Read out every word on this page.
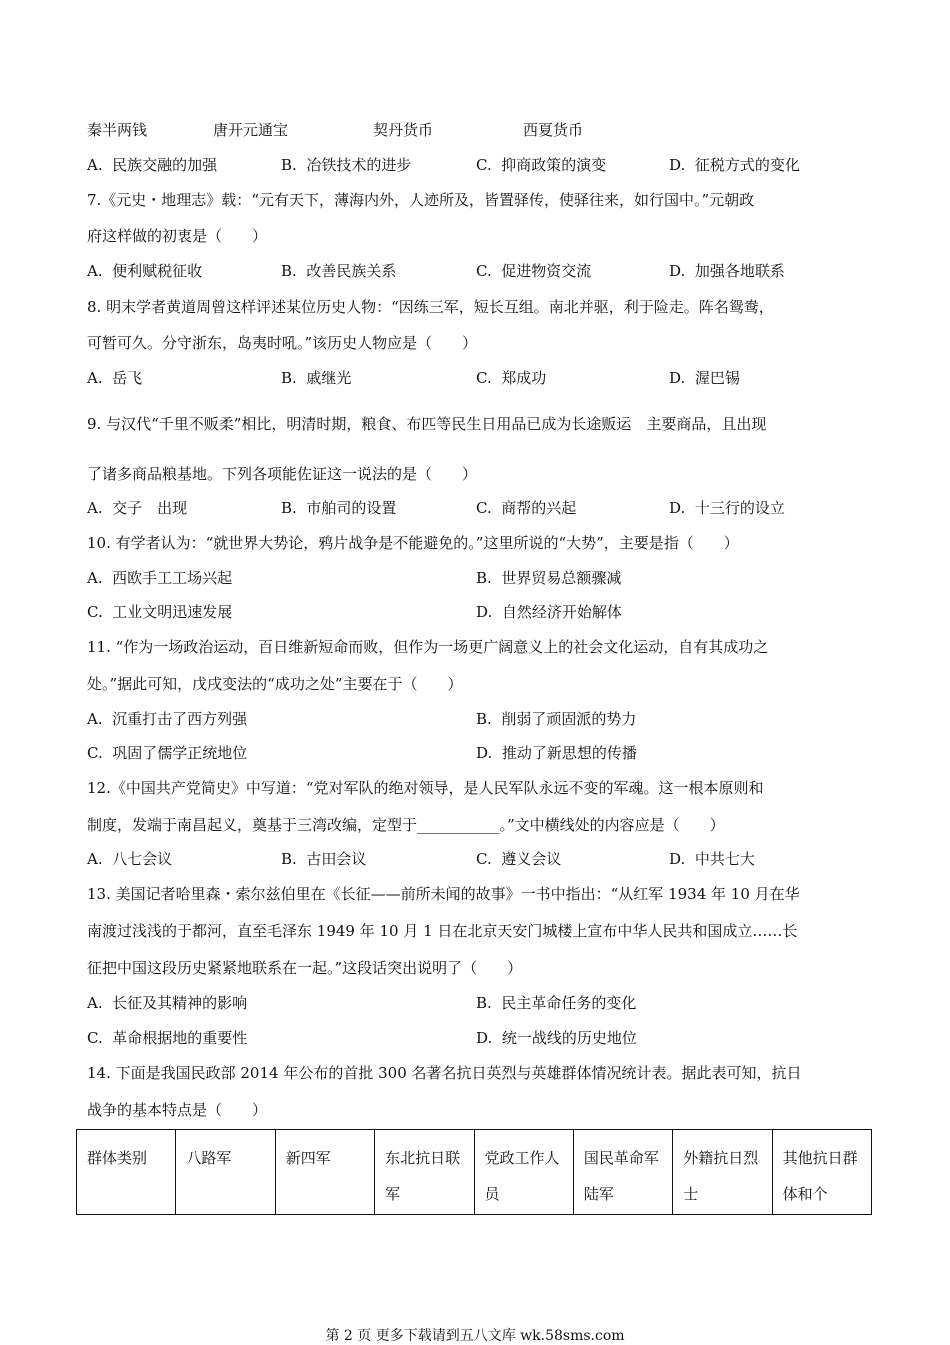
秦半两钱	唐开元通宝	契丹货币	西夏货币
A. 民族交融的加强	B. 冶铁技术的进步	C. 抑商政策的演变	D. 征税方式的变化
7.《元史・地理志》载：“元有天下，薄海内外，人迹所及，皆置驿传，使驿往来，如行国中。”元朝政
府这样做的初衷是（　　）
A. 便利赋税征收	B. 改善民族关系	C. 促进物资交流	D. 加强各地联系
8. 明末学者黄道周曾这样评述某位历史人物：“因练三军，短长互组。南北并驱，利于险走。阵名鸳鸯，
可暂可久。分守浙东，岛夷时吼。”该历史人物应是（　　）
A. 岳飞	B. 戚继光	C. 郑成功	D. 渥巴锡
9. 与汉代“千里不贩柔”相比，明清时期，粮食、布匹等民生日用品已成为长途贩运　主要商品，且出现
了诸多商品粮基地。下列各项能佐证这一说法的是（　　）
A. 交子　出现	B. 市舶司的设置	C. 商帮的兴起	D. 十三行的设立
10. 有学者认为：“就世界大势论，鸦片战争是不能避免的。”这里所说的“大势”，主要是指（　　）
A. 西欧手工工场兴起	B. 世界贸易总额骤减
C. 工业文明迅速发展	D. 自然经济开始解体
11. “作为一场政治运动，百日维新短命而败，但作为一场更广阔意义上的社会文化运动，自有其成功之
处。”据此可知，戊戌变法的“成功之处”主要在于（　　）
A. 沉重打击了西方列强	B. 削弱了顽固派的势力
C. 巩固了儒学正统地位	D. 推动了新思想的传播
12.《中国共产党简史》中写道：“党对军队的绝对领导，是人民军队永远不变的军魂。这一根本原则和
制度，发端于南昌起义，奠基于三湾改编，定型于___________。”文中横线处的内容应是（　　）
A. 八七会议	B. 古田会议	C. 遵义会议	D. 中共七大
13. 美国记者哈里森・索尔兹伯里在《长征——前所未闻的故事》一书中指出：“从红军 1934 年 10 月在华
南渡过浅浅的于都河，直至毛泽东 1949 年 10 月 1 日在北京天安门城楼上宣布中华人民共和国成立……长
征把中国这段历史紧紧地联系在一起。”这段话突出说明了（　　）
A. 长征及其精神的影响	B. 民主革命任务的变化
C. 革命根据地的重要性	D. 统一战线的历史地位
14. 下面是我国民政部 2014 年公布的首批 300 名著名抗日英烈与英雄群体情况统计表。据此表可知，抗日
战争的基本特点是（　　）
群体类别	八路军	新四军	东北抗日联军	党政工作人员	国民革命军陆军	外籍抗日烈士	其他抗日群体和个
第 2 页 更多下载请到五八文库 wk.58sms.com
